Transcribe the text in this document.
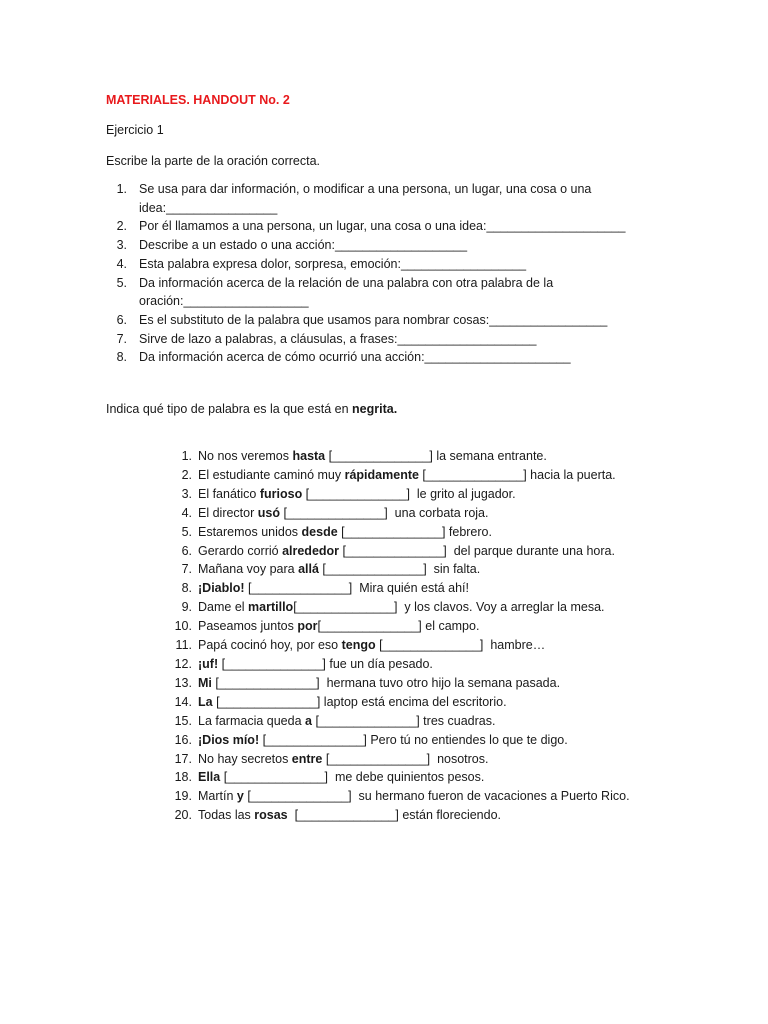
MATERIALES. HANDOUT No. 2
Ejercicio 1
Escribe la parte de la oración correcta.
1. Se usa para dar información, o modificar a una persona, un lugar, una cosa o una
idea:________________
2. Por él llamamos a una persona, un lugar, una cosa o una idea:____________________
3. Describe a un estado o una acción:___________________
4. Esta palabra expresa dolor, sorpresa, emoción:__________________
5. Da información acerca de la relación de una palabra con otra palabra de la
oración:__________________
6. Es el substituto de la palabra que usamos para nombrar cosas:_________________
7. Sirve de lazo a palabras, a cláusulas, a frases:____________________
8. Da información acerca de cómo ocurrió una acción:_____________________
Indica qué tipo de palabra es la que está en negrita.
1. No nos veremos hasta [______________] la semana entrante.
2. El estudiante caminó muy rápidamente [______________] hacia la puerta.
3. El fanático furioso [______________]  le grito al jugador.
4. El director usó [______________]  una corbata roja.
5. Estaremos unidos desde [______________] febrero.
6. Gerardo corrió alrededor [______________]  del parque durante una hora.
7. Mañana voy para allá [______________]  sin falta.
8. ¡Diablo! [______________]  Mira quién está ahí!
9. Dame el martillo[______________]  y los clavos. Voy a arreglar la mesa.
10. Paseamos juntos por[______________] el campo.
11. Papá cocinó hoy, por eso tengo [______________]  hambre…
12. ¡uf! [______________] fue un día pesado.
13. Mi [______________]  hermana tuvo otro hijo la semana pasada.
14. La [______________] laptop está encima del escritorio.
15. La farmacia queda a [______________] tres cuadras.
16. ¡Dios mío! [______________] Pero tú no entiendes lo que te digo.
17. No hay secretos entre [______________]  nosotros.
18. Ella [______________]  me debe quinientos pesos.
19. Martín y [______________]  su hermano fueron de vacaciones a Puerto Rico.
20. Todas las rosas  [______________] están floreciendo.
